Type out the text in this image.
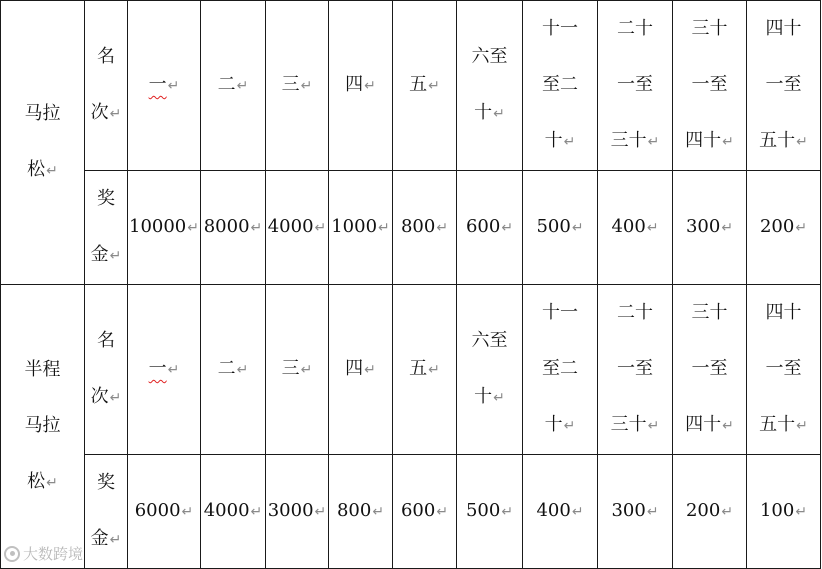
马拉
松↵	名
次↵	一↵	二↵	三↵	四↵	五↵	六至
十↵	十一
至二
十↵	二十
一至
三十↵	三十
一至
四十↵	四十
一至
五十↵

	奖
金↵	10000↵	8000↵	4000↵	1000↵	800↵	600↵	500↵	400↵	300↵	200↵

半程
马拉
松↵	名
次↵	一↵	二↵	三↵	四↵	五↵	六至
十↵	十一
至二
十↵	二十
一至
三十↵	三十
一至
四十↵	四十
一至
五十↵

	奖
金↵	6000↵	4000↵	3000↵	800↵	600↵	500↵	400↵	300↵	200↵	100↵
大数跨境
